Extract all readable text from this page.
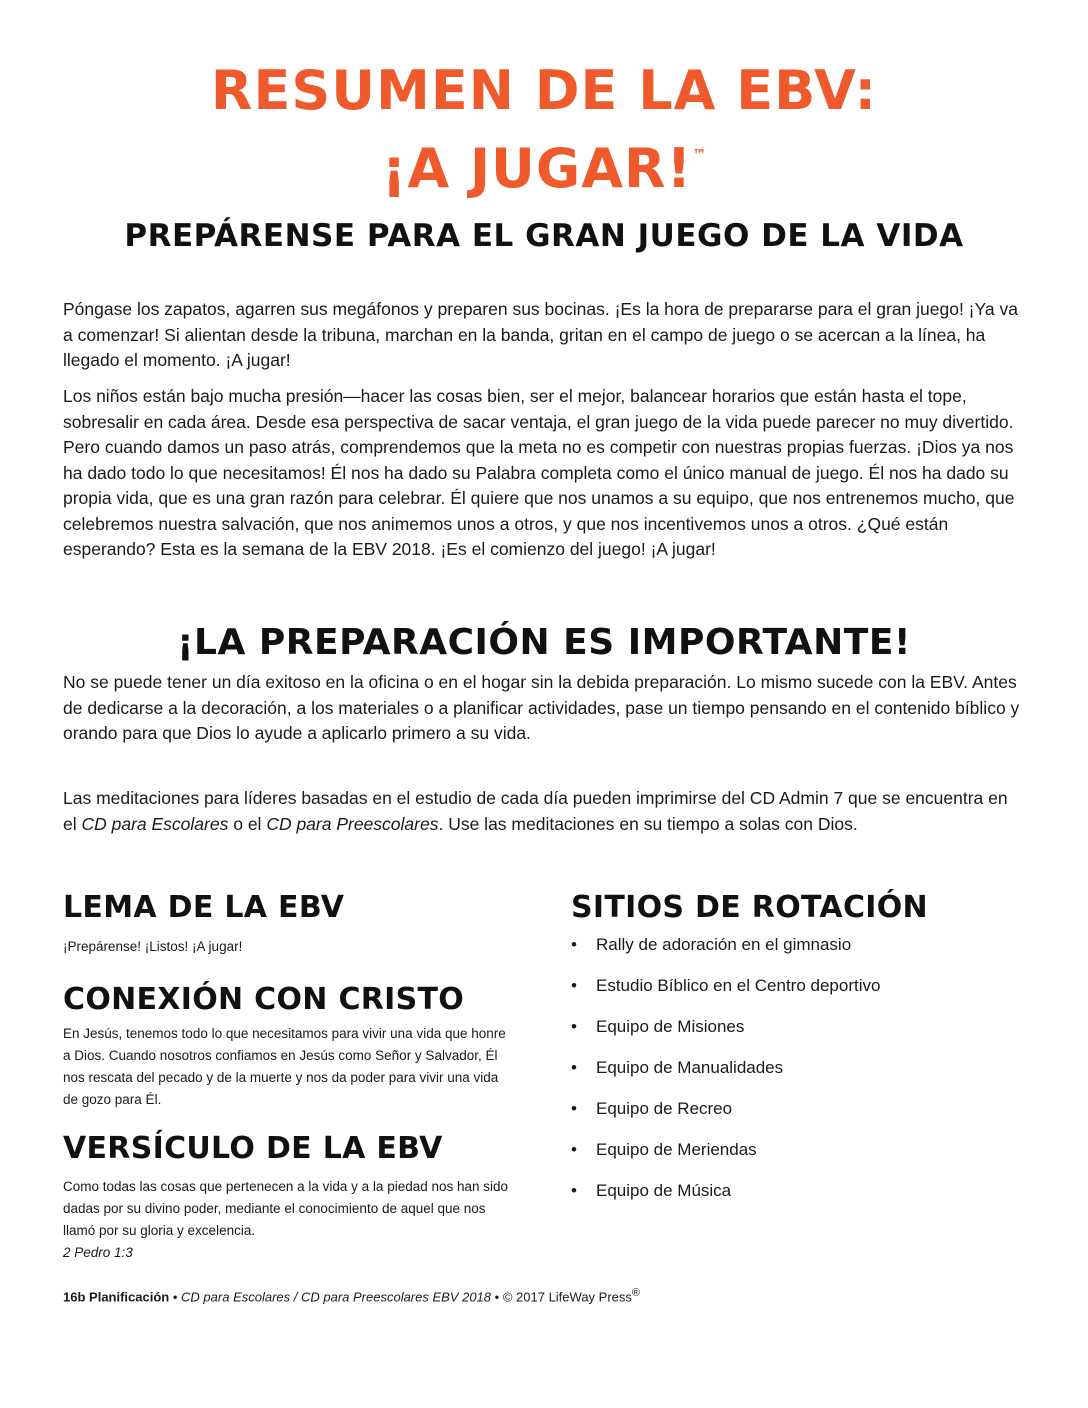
RESUMEN DE LA EBV:
¡A JUGAR!™
PREPÁRENSE PARA EL GRAN JUEGO DE LA VIDA

Póngase los zapatos, agarren sus megáfonos y preparen sus bocinas. ¡Es la hora de prepararse para el gran juego! ¡Ya va a comenzar! Si alientan desde la tribuna, marchan en la banda, gritan en el campo de juego o se acercan a la línea, ha llegado el momento. ¡A jugar!

Los niños están bajo mucha presión—hacer las cosas bien, ser el mejor, balancear horarios que están hasta el tope, sobresalir en cada área. Desde esa perspectiva de sacar ventaja, el gran juego de la vida puede parecer no muy divertido. Pero cuando damos un paso atrás, comprendemos que la meta no es competir con nuestras propias fuerzas. ¡Dios ya nos ha dado todo lo que necesitamos! Él nos ha dado su Palabra completa como el único manual de juego. Él nos ha dado su propia vida, que es una gran razón para celebrar. Él quiere que nos unamos a su equipo, que nos entrenemos mucho, que celebremos nuestra salvación, que nos animemos unos a otros, y que nos incentivemos unos a otros. ¿Qué están esperando? Esta es la semana de la EBV 2018. ¡Es el comienzo del juego! ¡A jugar!

¡LA PREPARACIÓN ES IMPORTANTE!

No se puede tener un día exitoso en la oficina o en el hogar sin la debida preparación. Lo mismo sucede con la EBV. Antes de dedicarse a la decoración, a los materiales o a planificar actividades, pase un tiempo pensando en el contenido bíblico y orando para que Dios lo ayude a aplicarlo primero a su vida.

Las meditaciones para líderes basadas en el estudio de cada día pueden imprimirse del CD Admin 7 que se encuentra en el CD para Escolares o el CD para Preescolares. Use las meditaciones en su tiempo a solas con Dios.

LEMA DE LA EBV

¡Prepárense! ¡Listos! ¡A jugar!

CONEXIÓN CON CRISTO

En Jesús, tenemos todo lo que necesitamos para vivir una vida que honre a Dios. Cuando nosotros confiamos en Jesús como Señor y Salvador, Él nos rescata del pecado y de la muerte y nos da poder para vivir una vida de gozo para Él.

VERSÍCULO DE LA EBV

Como todas las cosas que pertenecen a la vida y a la piedad nos han sido dadas por su divino poder, mediante el conocimiento de aquel que nos llamó por su gloria y excelencia.
2 Pedro 1:3

SITIOS DE ROTACIÓN
• Rally de adoración en el gimnasio
• Estudio Bíblico en el Centro deportivo
• Equipo de Misiones
• Equipo de Manualidades
• Equipo de Recreo
• Equipo de Meriendas
• Equipo de Música

16b Planificación • CD para Escolares / CD para Preescolares EBV 2018 • © 2017 LifeWay Press®
